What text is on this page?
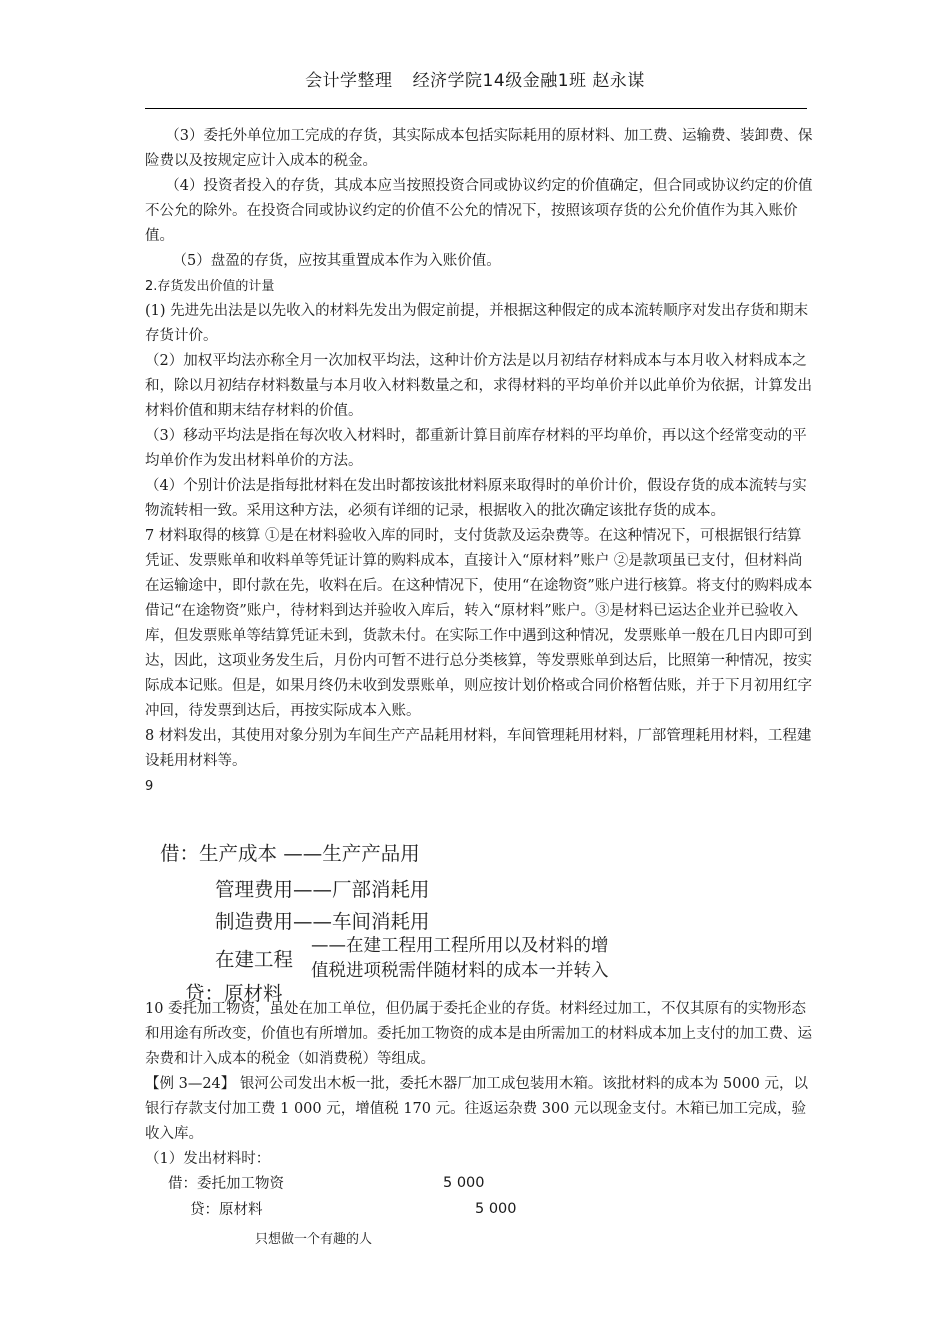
会计学整理 经济学院14级金融1班 赵永谋

（3）委托外单位加工完成的存货，其实际成本包括实际耗用的原材料、加工费、运输费、装卸费、保险费以及按规定应计入成本的税金。

（4）投资者投入的存货，其成本应当按照投资合同或协议约定的价值确定，但合同或协议约定的价值不公允的除外。在投资合同或协议约定的价值不公允的情况下，按照该项存货的公允价值作为其入账价值。

（5）盘盈的存货，应按其重置成本作为入账价值。

2.存货发出价值的计量

(1) 先进先出法是以先收入的材料先发出为假定前提，并根据这种假定的成本流转顺序对发出存货和期末存货计价。

（2）加权平均法亦称全月一次加权平均法，这种计价方法是以月初结存材料成本与本月收入材料成本之和，除以月初结存材料数量与本月收入材料数量之和，求得材料的平均单价并以此单价为依据，计算发出材料价值和期末结存材料的价值。

（3）移动平均法是指在每次收入材料时，都重新计算目前库存材料的平均单价，再以这个经常变动的平均单价作为发出材料单价的方法。

（4）个别计价法是指每批材料在发出时都按该批材料原来取得时的单价计价，假设存货的成本流转与实物流转相一致。采用这种方法，必须有详细的记录，根据收入的批次确定该批存货的成本。

7 材料取得的核算 ①是在材料验收入库的同时，支付货款及运杂费等。在这种情况下，可根据银行结算凭证、发票账单和收料单等凭证计算的购料成本，直接计入“原材料”账户 ②是款项虽已支付，但材料尚在运输途中，即付款在先，收料在后。在这种情况下，使用“在途物资”账户进行核算。将支付的购料成本借记“在途物资”账户，待材料到达并验收入库后，转入“原材料”账户。③是材料已运达企业并已验收入库，但发票账单等结算凭证未到，货款未付。在实际工作中遇到这种情况，发票账单一般在几日内即可到达，因此，这项业务发生后，月份内可暂不进行总分类核算，等发票账单到达后，比照第一种情况，按实际成本记账。但是，如果月终仍未收到发票账单，则应按计划价格或合同价格暂估账，并于下月初用红字冲回，待发票到达后，再按实际成本入账。

8 材料发出，其使用对象分别为车间生产产品耗用材料，车间管理耗用材料，厂部管理耗用材料，工程建设耗用材料等。

9

借：生产成本 ——生产产品用
管理费用——厂部消耗用
制造费用——车间消耗用
在建工程
——在建工程用工程所用以及材料的增
值税进项税需伴随材料的成本一并转入
贷：原材料

10 委托加工物资，虽处在加工单位，但仍属于委托企业的存货。材料经过加工，不仅其原有的实物形态和用途有所改变，价值也有所增加。委托加工物资的成本是由所需加工的材料成本加上支付的加工费、运杂费和计入成本的税金（如消费税）等组成。

【例 3—24】 银河公司发出木板一批，委托木器厂加工成包装用木箱。该批材料的成本为 5000 元，以银行存款支付加工费 1 000 元，增值税 170 元。往返运杂费 300 元以现金支付。木箱已加工完成，验收入库。

（1）发出材料时：

借：委托加工物资	5 000
贷：原材料	5 000
只想做一个有趣的人
